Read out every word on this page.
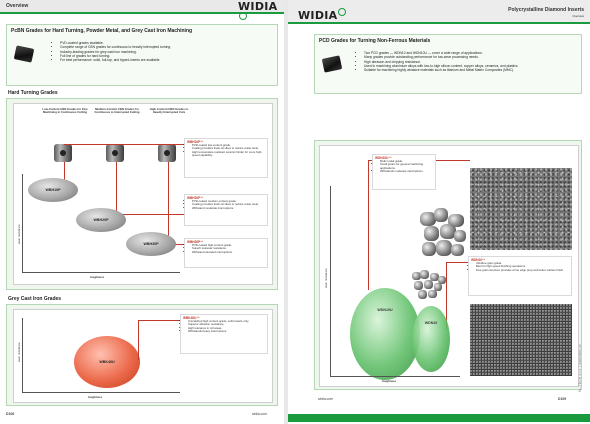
Overview	WIDIA
PcBN Grades for Hard Turning, Powder Metal, and Grey Cast Iron Machining
• PVD-coated grades available.
• Complete range of CBN grades for continuous to heavily interrupted turning.
• Industry-leading grades for grey cast iron machining.
• Full line of grades for hard turning.
• For best performance: solid, full-top, and tipped-inserts are available.
Hard Turning Grades
Low-Content CBN Grades for Fine Machining in Continuous Cutting
Medium-Content CBN Grades for Continuous to Interrupted Cutting
High-Content CBN Grades to Heavily Interrupted Cuts
WBH10P
WBH20P
WBH30P
WBH10P™
• PVD-coated low-content grade.
• Coating provides fresh-oil vibes to reduce crater wear.
• High temperature resistant ceramic binder for more high-speed capability.
WBH20P™
• PVD-coated medium-content grade.
• Coating provides fresh-oil vibes to reduce crater wear.
• Withstand moderate interruptions.
WBH30P™
• PVD-coated high-content grade.
• Superb toolwear resistance.
• Withstand elevated interruptions.
wear resistance
toughness
Grey Cast Iron Grades
WBK40U
WBK40U™
• Unmatched high content grade, solid inserts only.
• Superior abrasion resistance.
• High tolerance in roll areas.
• Withstands heavy interruptions.
wear resistance
toughness
D108	widia.com
WIDIA	Polycrystalline Diamond Inserts
Overview
PCD Grades for Turning Non-Ferrous Materials
• Two PCD grades — WDN10 and WDN10U — cover a wide range of applications.
• Many grades provide outstanding performance for low-wear processing needs.
• High abrasion and chipping resistance.
• Used in machining aluminium alloys with low-to-high silicon content, copper alloys, ceramics, and plastics.
• Suitable for machining highly abrasive materials such as titanium and Metal Matrix Composites (MMC).
WDN10U™
• Multi modal grade.
• Small grains for general machining applications.
• Withstands moderate interruptions.
WDN10™
• Ultrafine grain grade.
• Best for high-speed finishing operations.
• Fine grain structure provides a fine edge prep and better surface finish.
WDN10U
WDN10
wear resistance
toughness
widia.com	D109
KL-TECH s.r.o. | www.kltec.cz
